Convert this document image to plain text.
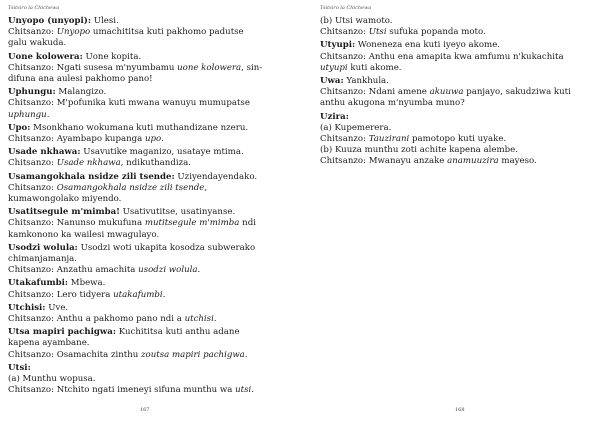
Tsitsiro la Chichewa
Unyopo (unyopi): Ulesi.
Chitsanzo: Unyopo umachititsa kuti pakhomo padutse
galu wakuda.
Uone kolowera: Uone kopita.
Chitsanzo: Ngati susesa m'nyumbamu uone kolowera, sin-
difuna ana aulesi pakhomo pano!
Uphungu: Malangizo.
Chitsanzo: M'pofunika kuti mwana wanuyu mumupatse
uphungu.
Upo: Msonkhano wokumana kuti muthandizane nzeru.
Chitsanzo: Ayambapo kupanga upo.
Usade nkhawa: Usavutike maganizo, usataye mtima.
Chitsanzo: Usade nkhawa, ndikuthandiza.
Usamangokhala nsidze zili tsende: Uziyendayendako.
Chitsanzo: Osamangokhala nsidze zili tsende,
kumawongolako miyendo.
Usatitsegule m'mimba! Usativutitse, usatinyanse.
Chitsanzo: Nanunso mukufuna mutitsegule m'mimba ndi
kamkonono ka wailesi mwagulayo.
Usodzi wolula: Usodzi woti ukapita kosodza subwerako
chimanjamanja.
Chitsanzo: Anzathu amachita usodzi wolula.
Utakafumbi: Mbewa.
Chitsanzo: Lero tidyera utakafumbi.
Utchisi: Uve.
Chitsanzo: Anthu a pakhomo pano ndi a utchisi.
Utsa mapiri pachigwa: Kuchititsa kuti anthu adane
kapena ayambane.
Chitsanzo: Osamachita zinthu zoutsa mapiri pachigwa.
Utsi:
(a) Munthu wopusa.
Chitsanzo: Ntchito ngati imeneyi sifuna munthu wa utsi.
167
Tsitsiro la Chichewa
(b) Utsi wamoto.
Chitsanzo: Utsi sufuka popanda moto.
Utyupi: Woneneza ena kuti iyeyo akome.
Chitsanzo: Anthu ena amapita kwa amfumu n'kukachita
utyupi kuti akome.
Uwa: Yankhula.
Chitsanzo: Ndani amene akuuwa panjayo, sakudziwa kuti
anthu akugona m'nyumba muno?
Uzira:
(a) Kupemerera.
Chitsanzo: Tauzirani pamotopo kuti uyake.
(b) Kuuza munthu zoti achite kapena alembe.
Chitsanzo: Mwanayu anzake anamuuzira mayeso.
168
